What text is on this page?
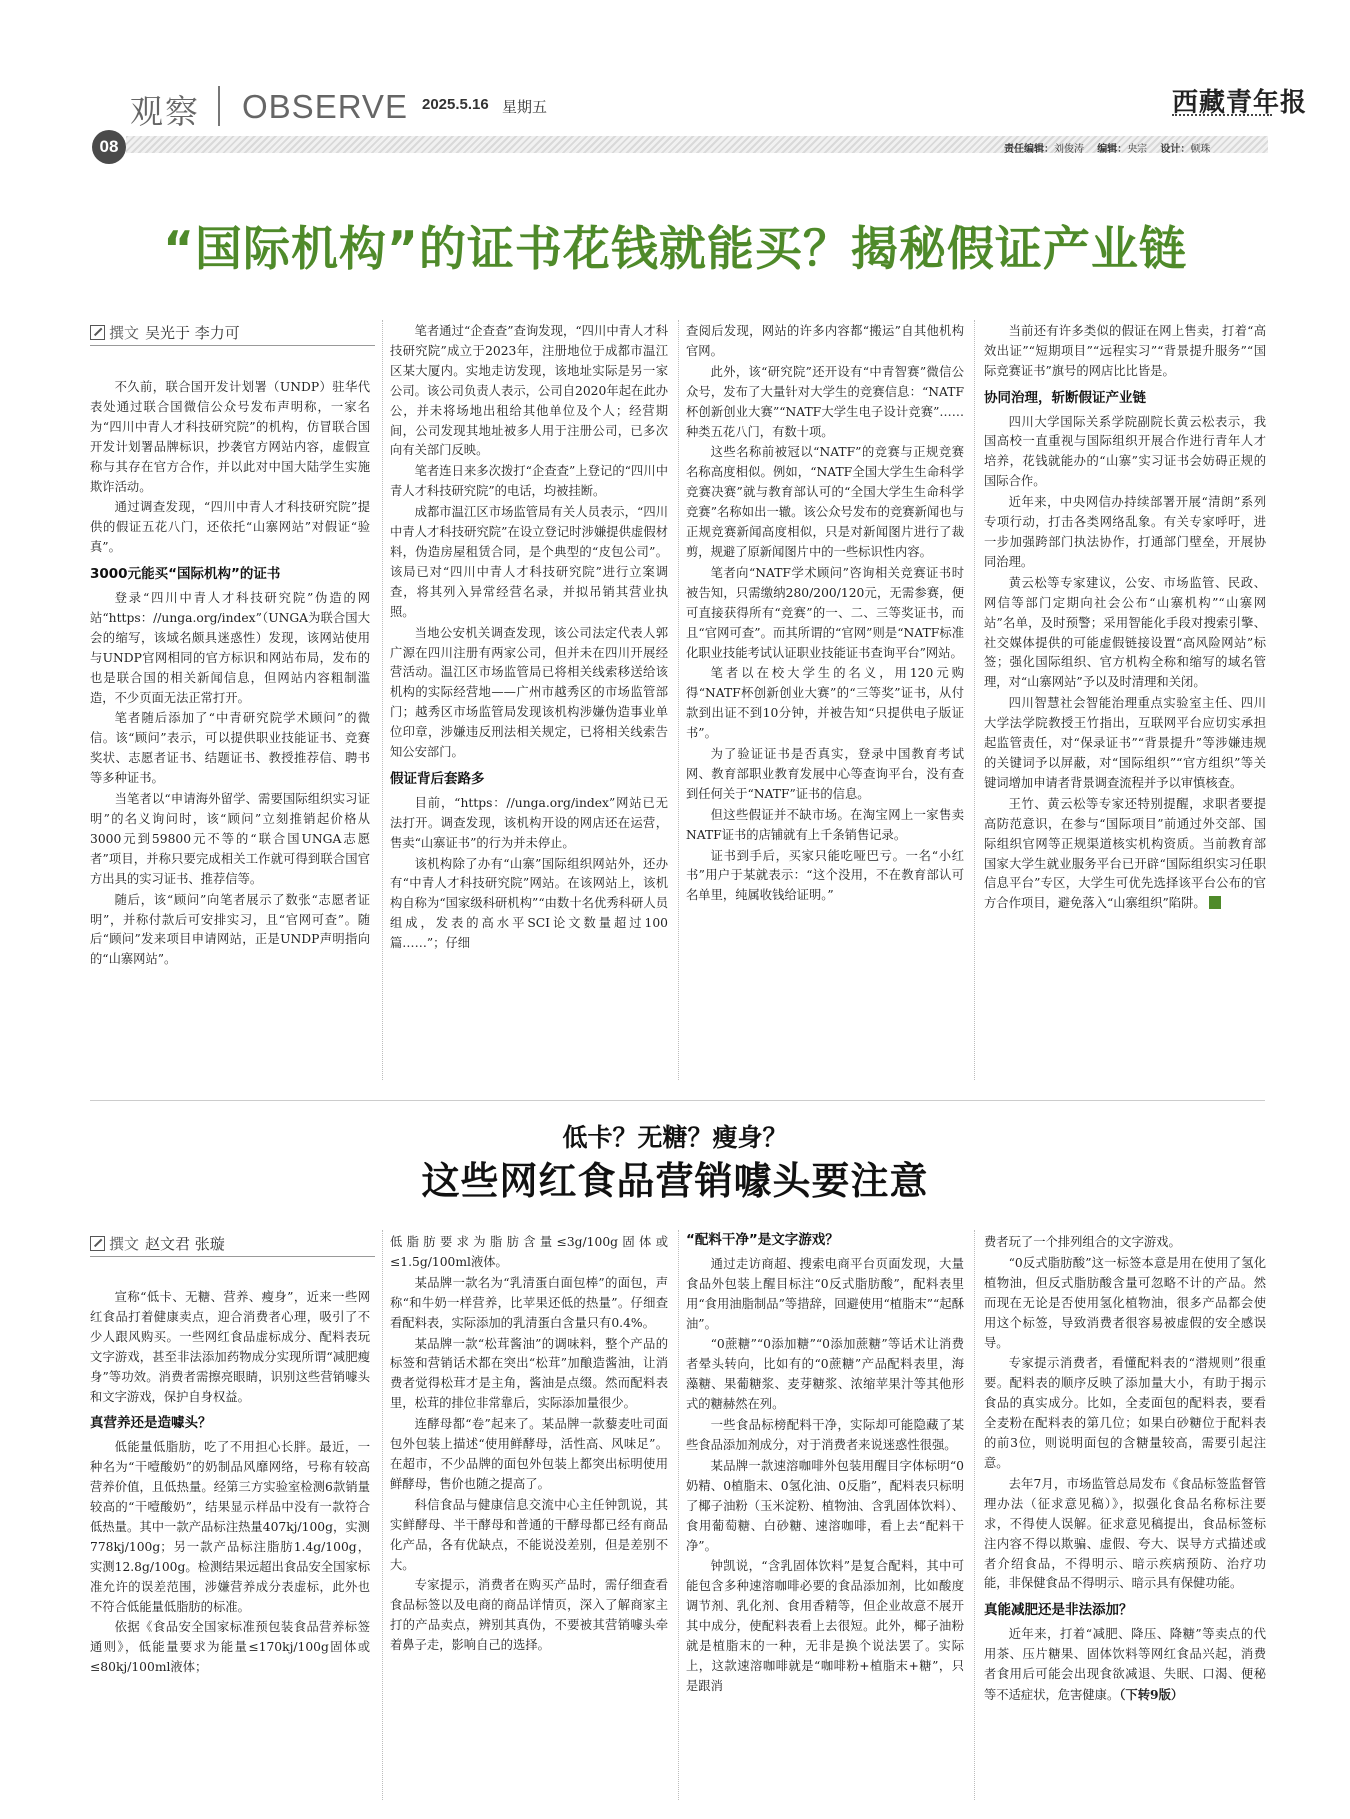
观察 OBSERVE 2025.5.16 星期五	西藏青年报
08	责任编辑：刘俊涛 编辑：央宗 设计：顿珠
“国际机构”的证书花钱就能买？揭秘假证产业链
撰文 吴光于 李力可

不久前，联合国开发计划署（UNDP）驻华代表处通过联合国微信公众号发布声明称，一家名为“四川中青人才科技研究院”的机构，仿冒联合国开发计划署品牌标识，抄袭官方网站内容，虚假宣称与其存在官方合作，并以此对中国大陆学生实施欺诈活动。

通过调查发现，“四川中青人才科技研究院”提供的假证五花八门，还依托“山寨网站”对假证“验真”。

3000元能买“国际机构”的证书

登录“四川中青人才科技研究院”伪造的网站“https：//unga.org/index”（UNGA为联合国大会的缩写，该域名颇具迷惑性）发现，该网站使用与UNDP官网相同的官方标识和网站布局，发布的也是联合国的相关新闻信息，但网站内容粗制滥造，不少页面无法正常打开。

笔者随后添加了“中青研究院学术顾问”的微信。该“顾问”表示，可以提供职业技能证书、竞赛奖状、志愿者证书、结题证书、教授推荐信、聘书等多种证书。

当笔者以“申请海外留学、需要国际组织实习证明”的名义询问时，该“顾问”立刻推销起价格从3000元到59800元不等的“联合国UNGA志愿者”项目，并称只要完成相关工作就可得到联合国官方出具的实习证书、推荐信等。

随后，该“顾问”向笔者展示了数张“志愿者证明”，并称付款后可安排实习，且“官网可查”。随后“顾问”发来项目申请网站，正是UNDP声明指向的“山寨网站”。

笔者通过“企查查”查询发现，“四川中青人才科技研究院”成立于2023年，注册地位于成都市温江区某大厦内。实地走访发现，该地址实际是另一家公司。该公司负责人表示，公司自2020年起在此办公，并未将场地出租给其他单位及个人；经营期间，公司发现其地址被多人用于注册公司，已多次向有关部门反映。

笔者连日来多次拨打“企查查”上登记的“四川中青人才科技研究院”的电话，均被挂断。

成都市温江区市场监管局有关人员表示，“四川中青人才科技研究院”在设立登记时涉嫌提供虚假材料，伪造房屋租赁合同，是个典型的“皮包公司”。该局已对“四川中青人才科技研究院”进行立案调查，将其列入异常经营名录，并拟吊销其营业执照。

当地公安机关调查发现，该公司法定代表人郭广源在四川注册有两家公司，但并未在四川开展经营活动。温江区市场监管局已将相关线索移送给该机构的实际经营地——广州市越秀区的市场监管部门；越秀区市场监管局发现该机构涉嫌伪造事业单位印章，涉嫌违反刑法相关规定，已将相关线索告知公安部门。

假证背后套路多

目前，“https：//unga.org/index”网站已无法打开。调查发现，该机构开设的网店还在运营，售卖“山寨证书”的行为并未停止。

该机构除了办有“山寨”国际组织网站外，还办有“中青人才科技研究院”网站。在该网站上，该机构自称为“国家级科研机构”“由数十名优秀科研人员组成，发表的高水平SCI论文数量超过100篇……”；仔细

查阅后发现，网站的许多内容都“搬运”自其他机构官网。

此外，该“研究院”还开设有“中青智赛”微信公众号，发布了大量针对大学生的竞赛信息：“NATF杯创新创业大赛”“NATF大学生电子设计竞赛”……种类五花八门，有数十项。

这些名称前被冠以“NATF”的竞赛与正规竞赛名称高度相似。例如，“NATF全国大学生生命科学竞赛决赛”就与教育部认可的“全国大学生生命科学竞赛”名称如出一辙。该公众号发布的竞赛新闻也与正规竞赛新闻高度相似，只是对新闻图片进行了裁剪，规避了原新闻图片中的一些标识性内容。

笔者向“NATF学术顾问”咨询相关竞赛证书时被告知，只需缴纳280/200/120元，无需参赛，便可直接获得所有“竞赛”的一、二、三等奖证书，而且“官网可查”。而其所谓的“官网”则是“NATF标准化职业技能考试认证职业技能证书查询平台”网站。

笔者以在校大学生的名义，用120元购得“NATF杯创新创业大赛”的“三等奖”证书，从付款到出证不到10分钟，并被告知“只提供电子版证书”。

为了验证证书是否真实，登录中国教育考试网、教育部职业教育发展中心等查询平台，没有查到任何关于“NATF”证书的信息。

但这些假证并不缺市场。在淘宝网上一家售卖NATF证书的店铺就有上千条销售记录。

证书到手后，买家只能吃哑巴亏。一名“小红书”用户于某就表示：“这个没用，不在教育部认可名单里，纯属收钱给证明。”

当前还有许多类似的假证在网上售卖，打着“高效出证”“短期项目”“远程实习”“背景提升服务”“国际竞赛证书”旗号的网店比比皆是。

协同治理，斩断假证产业链

四川大学国际关系学院副院长黄云松表示，我国高校一直重视与国际组织开展合作进行青年人才培养，花钱就能办的“山寨”实习证书会妨碍正规的国际合作。

近年来，中央网信办持续部署开展“清朗”系列专项行动，打击各类网络乱象。有关专家呼吁，进一步加强跨部门执法协作，打通部门壁垒，开展协同治理。

黄云松等专家建议，公安、市场监管、民政、网信等部门定期向社会公布“山寨机构”“山寨网站”名单，及时预警；采用智能化手段对搜索引擎、社交媒体提供的可能虚假链接设置“高风险网站”标签；强化国际组织、官方机构全称和缩写的域名管理，对“山寨网站”予以及时清理和关闭。

四川智慧社会智能治理重点实验室主任、四川大学法学院教授王竹指出，互联网平台应切实承担起监管责任，对“保录证书”“背景提升”等涉嫌违规的关键词予以屏蔽，对“国际组织”“官方组织”等关键词增加申请者背景调查流程并予以审慎核查。

王竹、黄云松等专家还特别提醒，求职者要提高防范意识，在参与“国际项目”前通过外交部、国际组织官网等正规渠道核实机构资质。当前教育部国家大学生就业服务平台已开辟“国际组织实习任职信息平台”专区，大学生可优先选择该平台公布的官方合作项目，避免落入“山寨组织”陷阱。

低卡？无糖？瘦身？
这些网红食品营销噱头要注意
撰文 赵文君 张璇

宣称“低卡、无糖、营养、瘦身”，近来一些网红食品打着健康卖点，迎合消费者心理，吸引了不少人跟风购买。一些网红食品虚标成分、配料表玩文字游戏，甚至非法添加药物成分实现所谓“减肥瘦身”等功效。消费者需擦亮眼睛，识别这些营销噱头和文字游戏，保护自身权益。

真营养还是造噱头？

低能量低脂肪，吃了不用担心长胖。最近，一种名为“干噎酸奶”的奶制品风靡网络，号称有较高营养价值，且低热量。经第三方实验室检测6款销量较高的“干噎酸奶”，结果显示样品中没有一款符合低热量。其中一款产品标注热量407kj/100g，实测778kj/100g；另一款产品标注脂肪1.4g/100g，实测12.8g/100g。检测结果远超出食品安全国家标准允许的误差范围，涉嫌营养成分表虚标，此外也不符合低能量低脂肪的标准。

依据《食品安全国家标准预包装食品营养标签通则》，低能量要求为能量≤170kj/100g固体或≤80kj/100ml液体；

低脂肪要求为脂肪含量≤3g/100g固体或≤1.5g/100ml液体。

某品牌一款名为“乳清蛋白面包棒”的面包，声称“和牛奶一样营养，比苹果还低的热量”。仔细查看配料表，实际添加的乳清蛋白含量只有0.4%。

某品牌一款“松茸酱油”的调味料，整个产品的标签和营销话术都在突出“松茸”加酿造酱油，让消费者觉得松茸才是主角，酱油是点缀。然而配料表里，松茸的排位非常靠后，实际添加量很少。

连酵母都“卷”起来了。某品牌一款藜麦吐司面包外包装上描述“使用鲜酵母，活性高、风味足”。在超市，不少品牌的面包外包装上都突出标明使用鲜酵母，售价也随之提高了。

科信食品与健康信息交流中心主任钟凯说，其实鲜酵母、半干酵母和普通的干酵母都已经有商品化产品，各有优缺点，不能说没差别，但是差别不大。

专家提示，消费者在购买产品时，需仔细查看食品标签以及电商的商品详情页，深入了解商家主打的产品卖点，辨别其真伪，不要被其营销噱头牵着鼻子走，影响自己的选择。

“配料干净”是文字游戏？

通过走访商超、搜索电商平台页面发现，大量食品外包装上醒目标注“0反式脂肪酸”，配料表里用“食用油脂制品”等措辞，回避使用“植脂末”“起酥油”。

“0蔗糖”“0添加糖”“0添加蔗糖”等话术让消费者晕头转向，比如有的“0蔗糖”产品配料表里，海藻糖、果葡糖浆、麦芽糖浆、浓缩苹果汁等其他形式的糖赫然在列。

一些食品标榜配料干净，实际却可能隐藏了某些食品添加剂成分，对于消费者来说迷惑性很强。

某品牌一款速溶咖啡外包装用醒目字体标明“0奶精、0植脂末、0氢化油、0反脂”，配料表只标明了椰子油粉（玉米淀粉、植物油、含乳固体饮料）、食用葡萄糖、白砂糖、速溶咖啡，看上去“配料干净”。

钟凯说，“含乳固体饮料”是复合配料，其中可能包含多种速溶咖啡必要的食品添加剂，比如酸度调节剂、乳化剂、食用香精等，但企业故意不展开其中成分，使配料表看上去很短。此外，椰子油粉就是植脂末的一种，无非是换个说法罢了。实际上，这款速溶咖啡就是“咖啡粉+植脂末+糖”，只是跟消

费者玩了一个排列组合的文字游戏。

“0反式脂肪酸”这一标签本意是用在使用了氢化植物油，但反式脂肪酸含量可忽略不计的产品。然而现在无论是否使用氢化植物油，很多产品都会使用这个标签，导致消费者很容易被虚假的安全感误导。

专家提示消费者，看懂配料表的“潜规则”很重要。配料表的顺序反映了添加量大小，有助于揭示食品的真实成分。比如，全麦面包的配料表，要看全麦粉在配料表的第几位；如果白砂糖位于配料表的前3位，则说明面包的含糖量较高，需要引起注意。

去年7月，市场监管总局发布《食品标签监督管理办法（征求意见稿）》，拟强化食品名称标注要求，不得使人误解。征求意见稿提出，食品标签标注内容不得以欺骗、虚假、夸大、误导方式描述或者介绍食品，不得明示、暗示疾病预防、治疗功能，非保健食品不得明示、暗示具有保健功能。

真能减肥还是非法添加？

近年来，打着“减肥、降压、降糖”等卖点的代用茶、压片糖果、固体饮料等网红食品兴起，消费者食用后可能会出现食欲减退、失眠、口渴、便秘等不适症状，危害健康。（下转9版）
